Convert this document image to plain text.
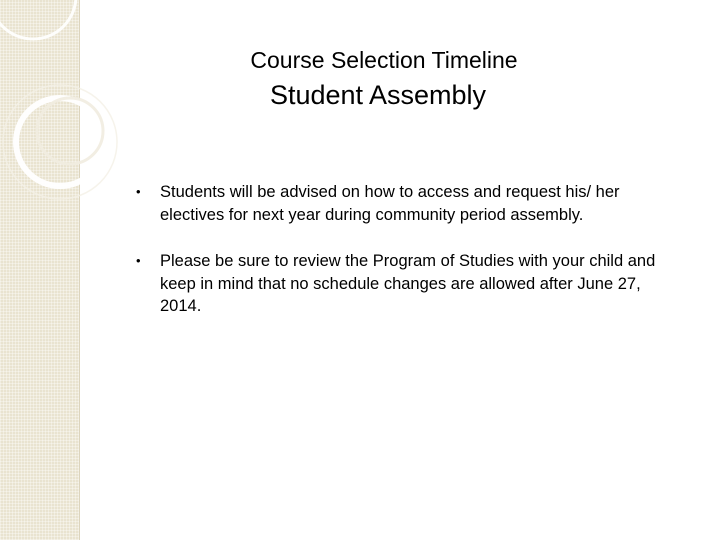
Course Selection Timeline
Student Assembly
•	Students will be advised on how to access and request his/ her electives for next year during community period assembly.
•	Please be sure to review the Program of Studies with your child and keep in mind that no schedule changes are allowed after June 27, 2014.
